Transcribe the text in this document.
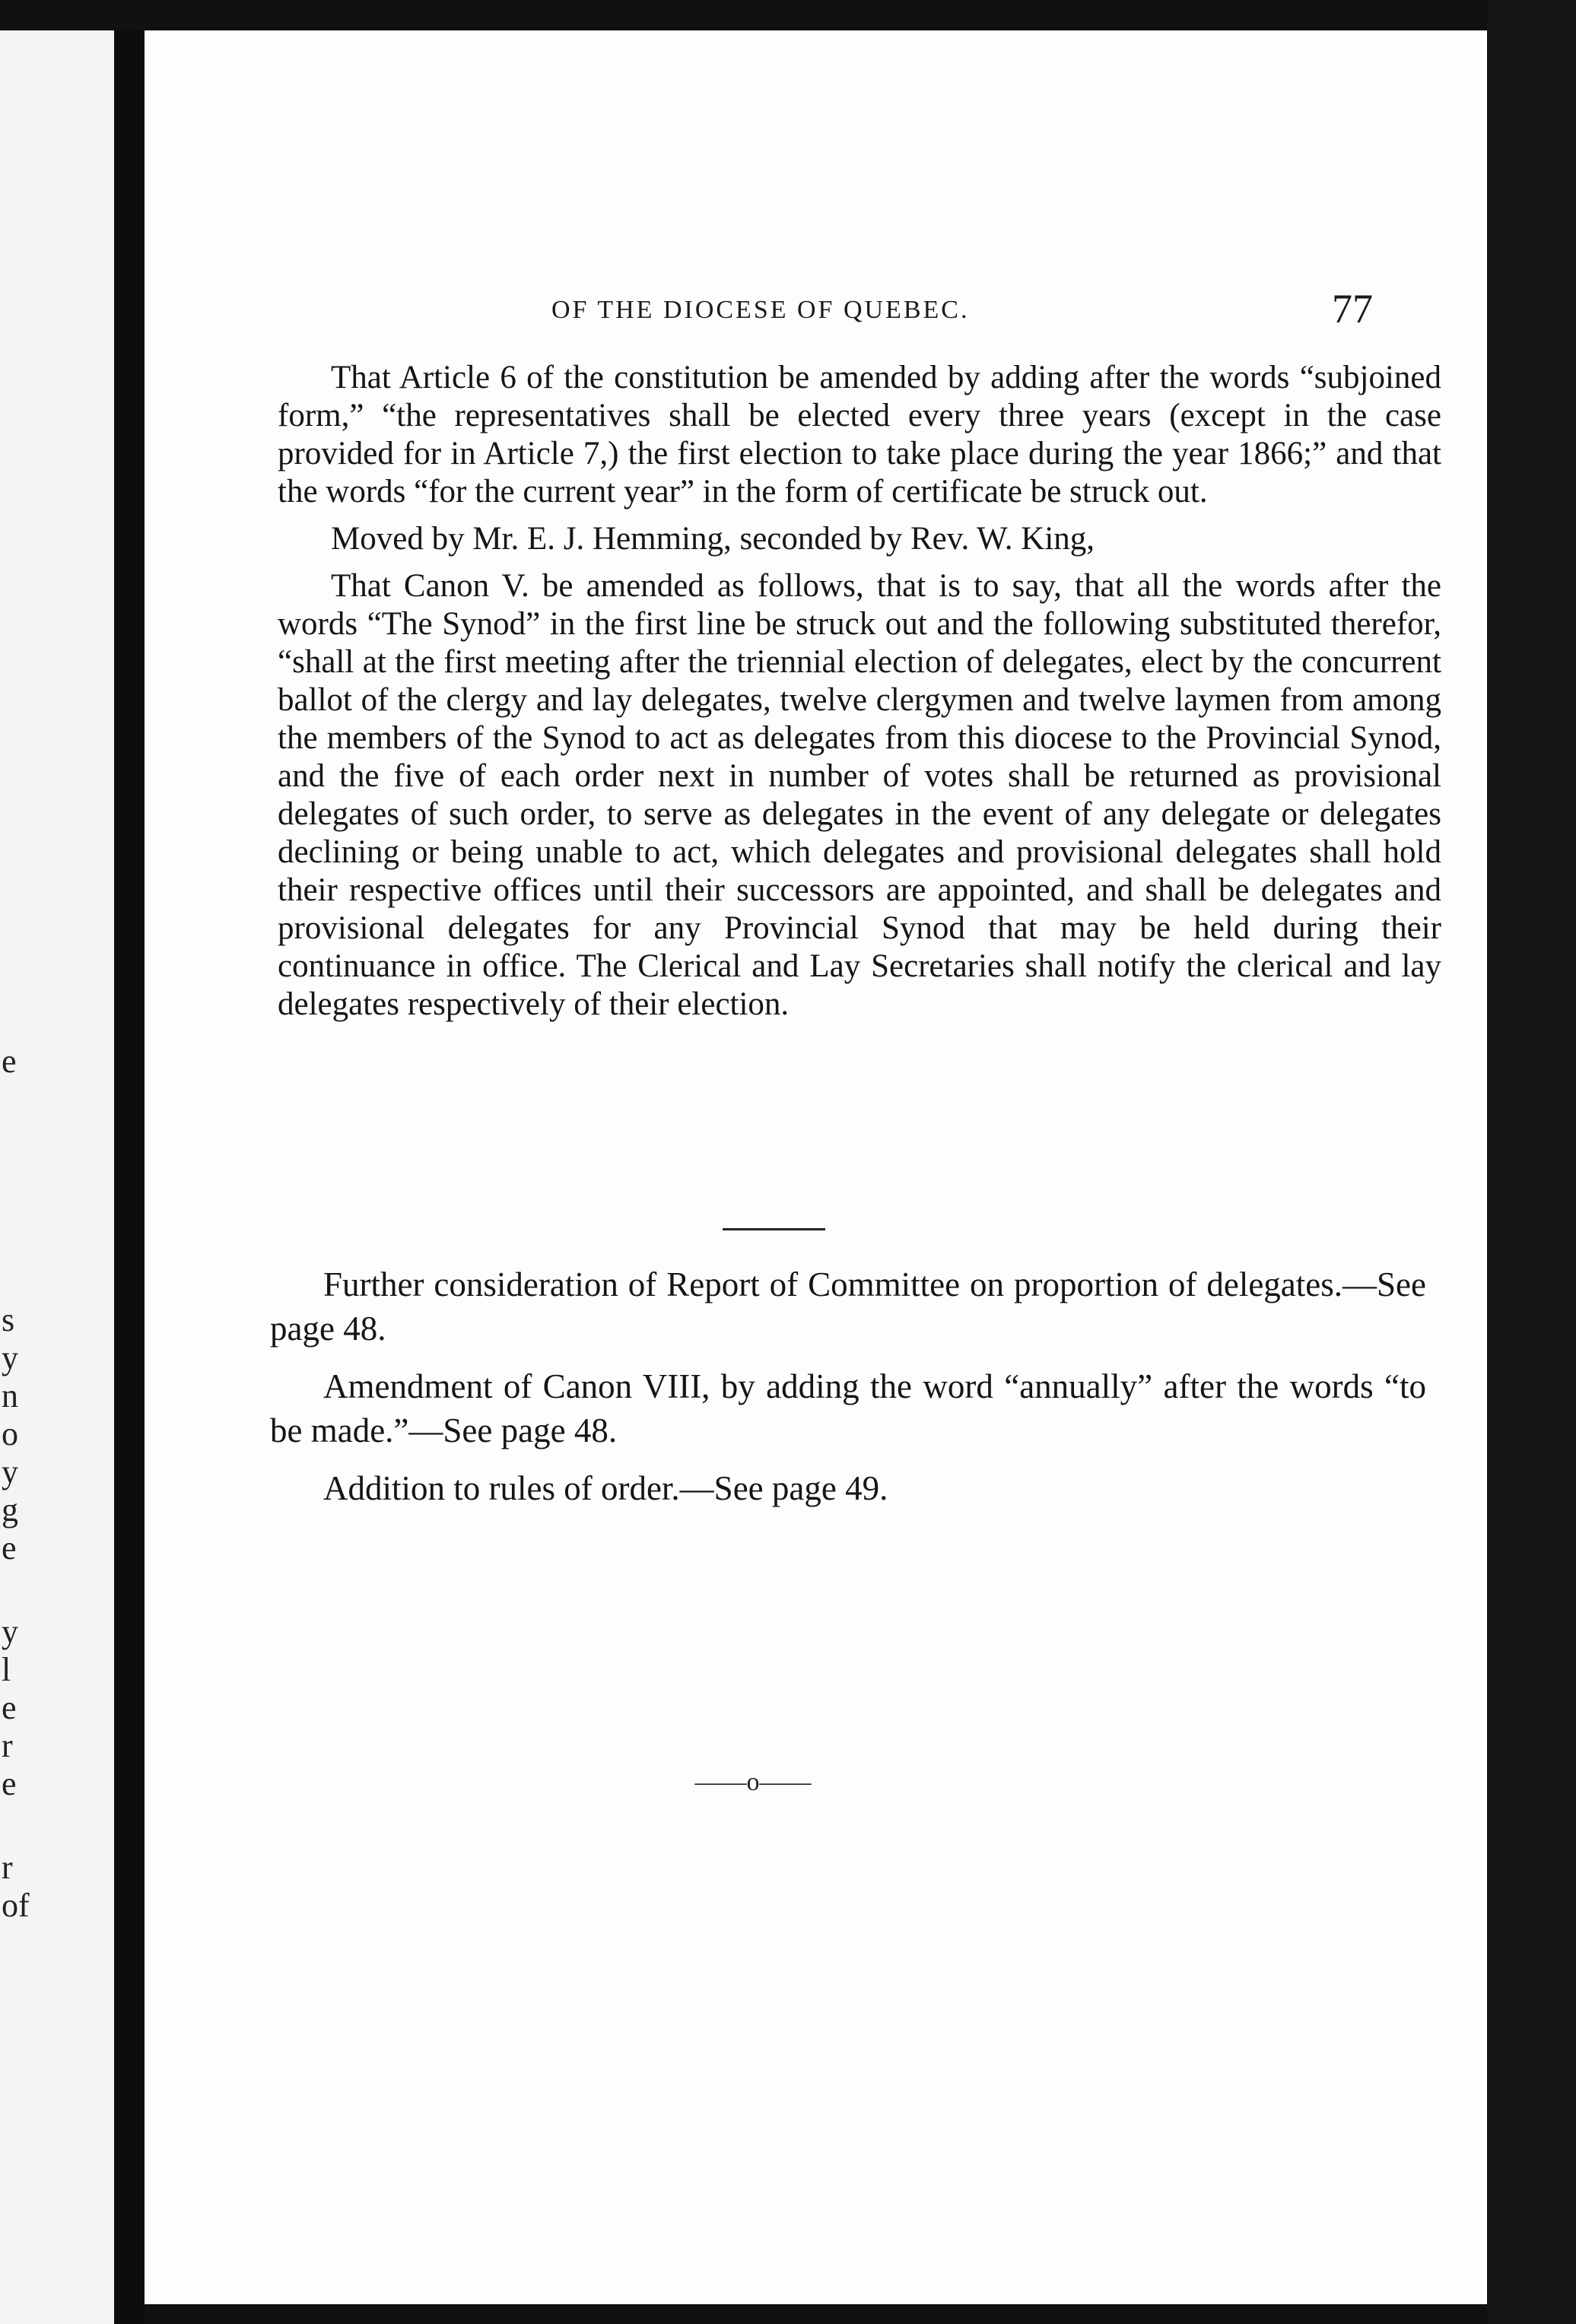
e
s
y
n
o
y
g
e
y
l
e
r
e
r
of
OF THE DIOCESE OF QUEBEC.	77

That Article 6 of the constitution be amended by adding after the words “subjoined form,” “the representatives shall be elected every three years (except in the case provided for in Article 7,) the first election to take place during the year 1866;” and that the words “for the current year” in the form of certificate be struck out.

Moved by Mr. E. J. Hemming, seconded by Rev. W. King,

That Canon V. be amended as follows, that is to say, that all the words after the words “The Synod” in the first line be struck out and the following substituted therefor, “shall at the first meeting after the triennial election of delegates, elect by the concurrent ballot of the clergy and lay delegates, twelve clergymen and twelve laymen from among the members of the Synod to act as delegates from this diocese to the Provincial Synod, and the five of each order next in number of votes shall be returned as provisional delegates of such order, to serve as delegates in the event of any delegate or delegates declining or being unable to act, which delegates and provisional delegates shall hold their respective offices until their successors are appointed, and shall be delegates and provisional delegates for any Provincial Synod that may be held during their continuance in office. The Clerical and Lay Secretaries shall notify the clerical and lay delegates respectively of their election.

Further consideration of Report of Committee on proportion of delegates.—See page 48.

Amendment of Canon VIII, by adding the word “annually” after the words “to be made.”—See page 48.

Addition to rules of order.—See page 49.

——o——
